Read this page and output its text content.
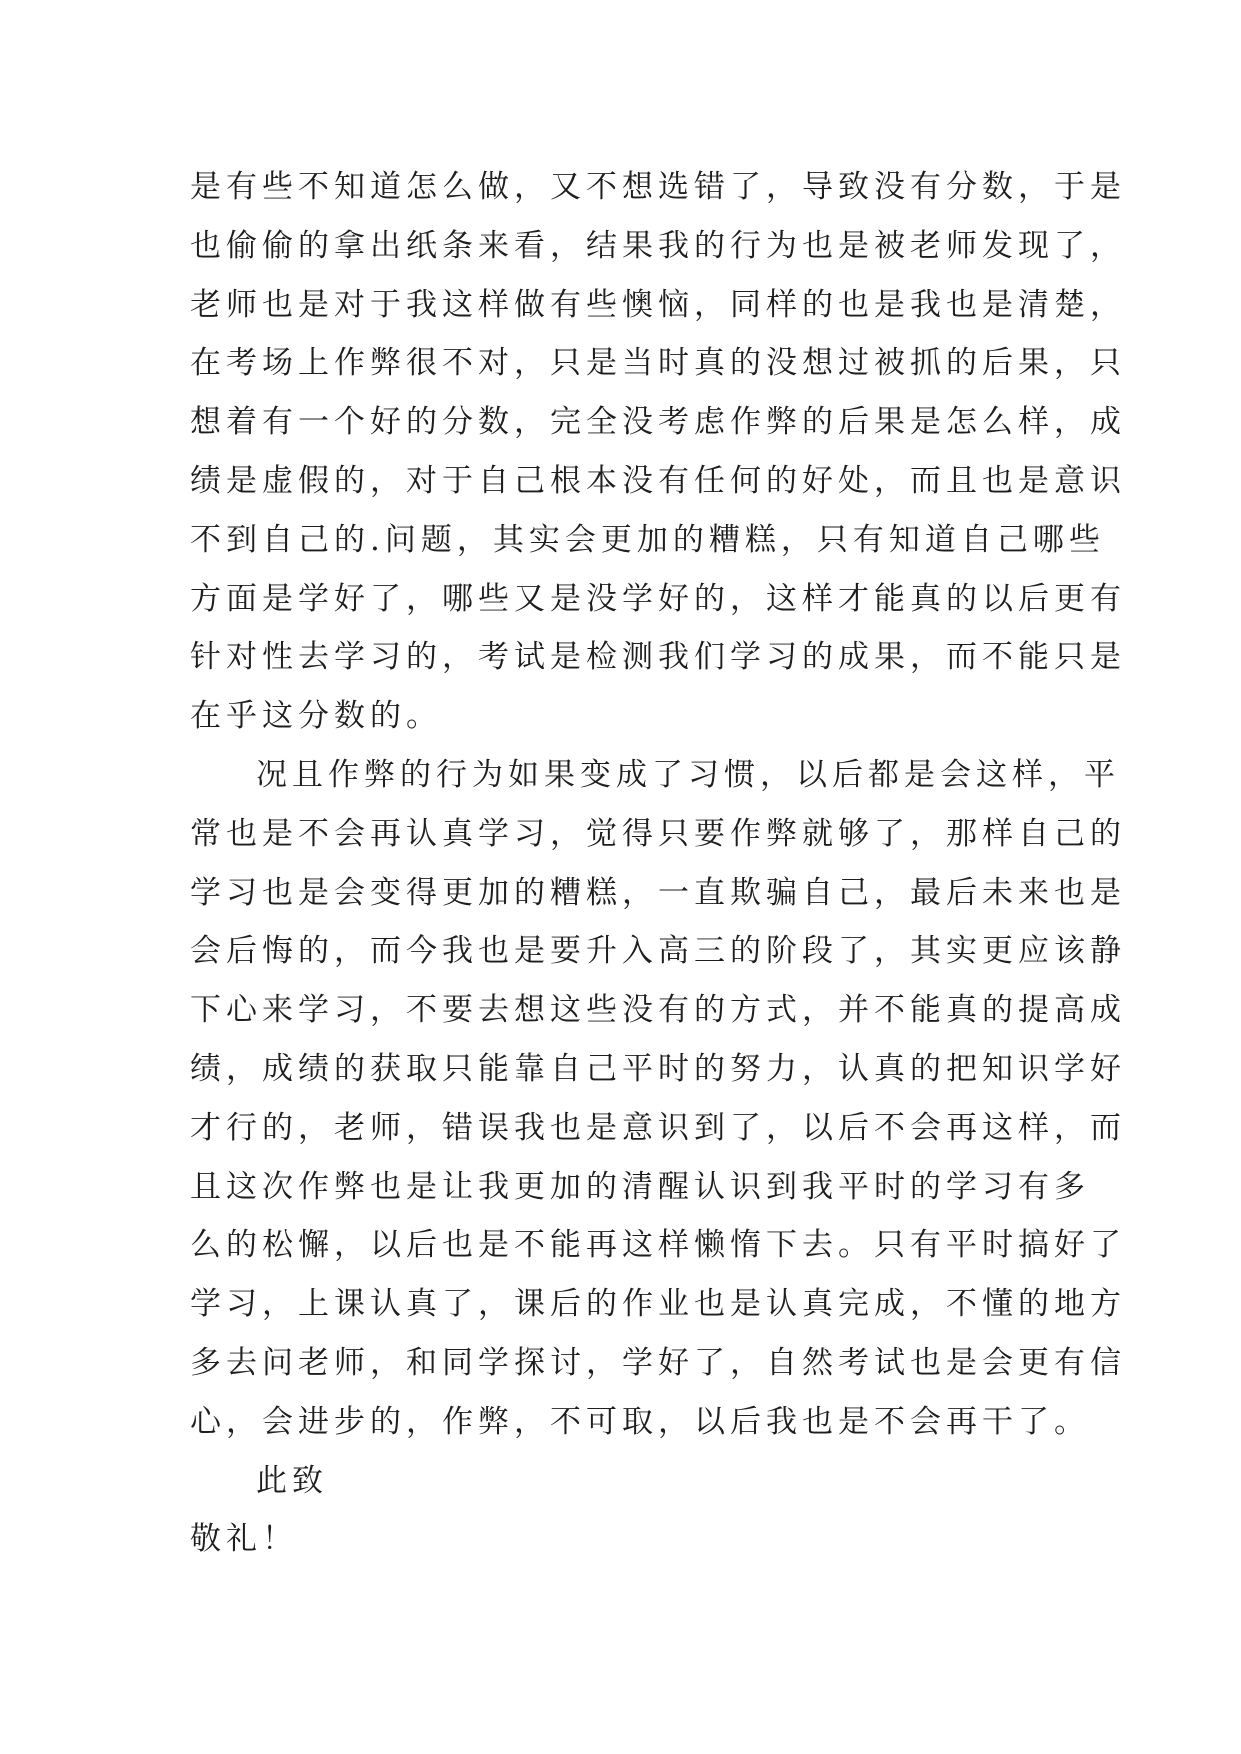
是有些不知道怎么做，又不想选错了，导致没有分数，于是
也偷偷的拿出纸条来看，结果我的行为也是被老师发现了，
老师也是对于我这样做有些懊恼，同样的也是我也是清楚，
在考场上作弊很不对，只是当时真的没想过被抓的后果，只
想着有一个好的分数，完全没考虑作弊的后果是怎么样，成
绩是虚假的，对于自己根本没有任何的好处，而且也是意识
不到自己的.问题，其实会更加的糟糕，只有知道自己哪些
方面是学好了，哪些又是没学好的，这样才能真的以后更有
针对性去学习的，考试是检测我们学习的成果，而不能只是
在乎这分数的。
况且作弊的行为如果变成了习惯，以后都是会这样，平
常也是不会再认真学习，觉得只要作弊就够了，那样自己的
学习也是会变得更加的糟糕，一直欺骗自己，最后未来也是
会后悔的，而今我也是要升入高三的阶段了，其实更应该静
下心来学习，不要去想这些没有的方式，并不能真的提高成
绩，成绩的获取只能靠自己平时的努力，认真的把知识学好
才行的，老师，错误我也是意识到了，以后不会再这样，而
且这次作弊也是让我更加的清醒认识到我平时的学习有多
么的松懈，以后也是不能再这样懒惰下去。只有平时搞好了
学习，上课认真了，课后的作业也是认真完成，不懂的地方
多去问老师，和同学探讨，学好了，自然考试也是会更有信
心，会进步的，作弊，不可取，以后我也是不会再干了。
此致
敬礼！
